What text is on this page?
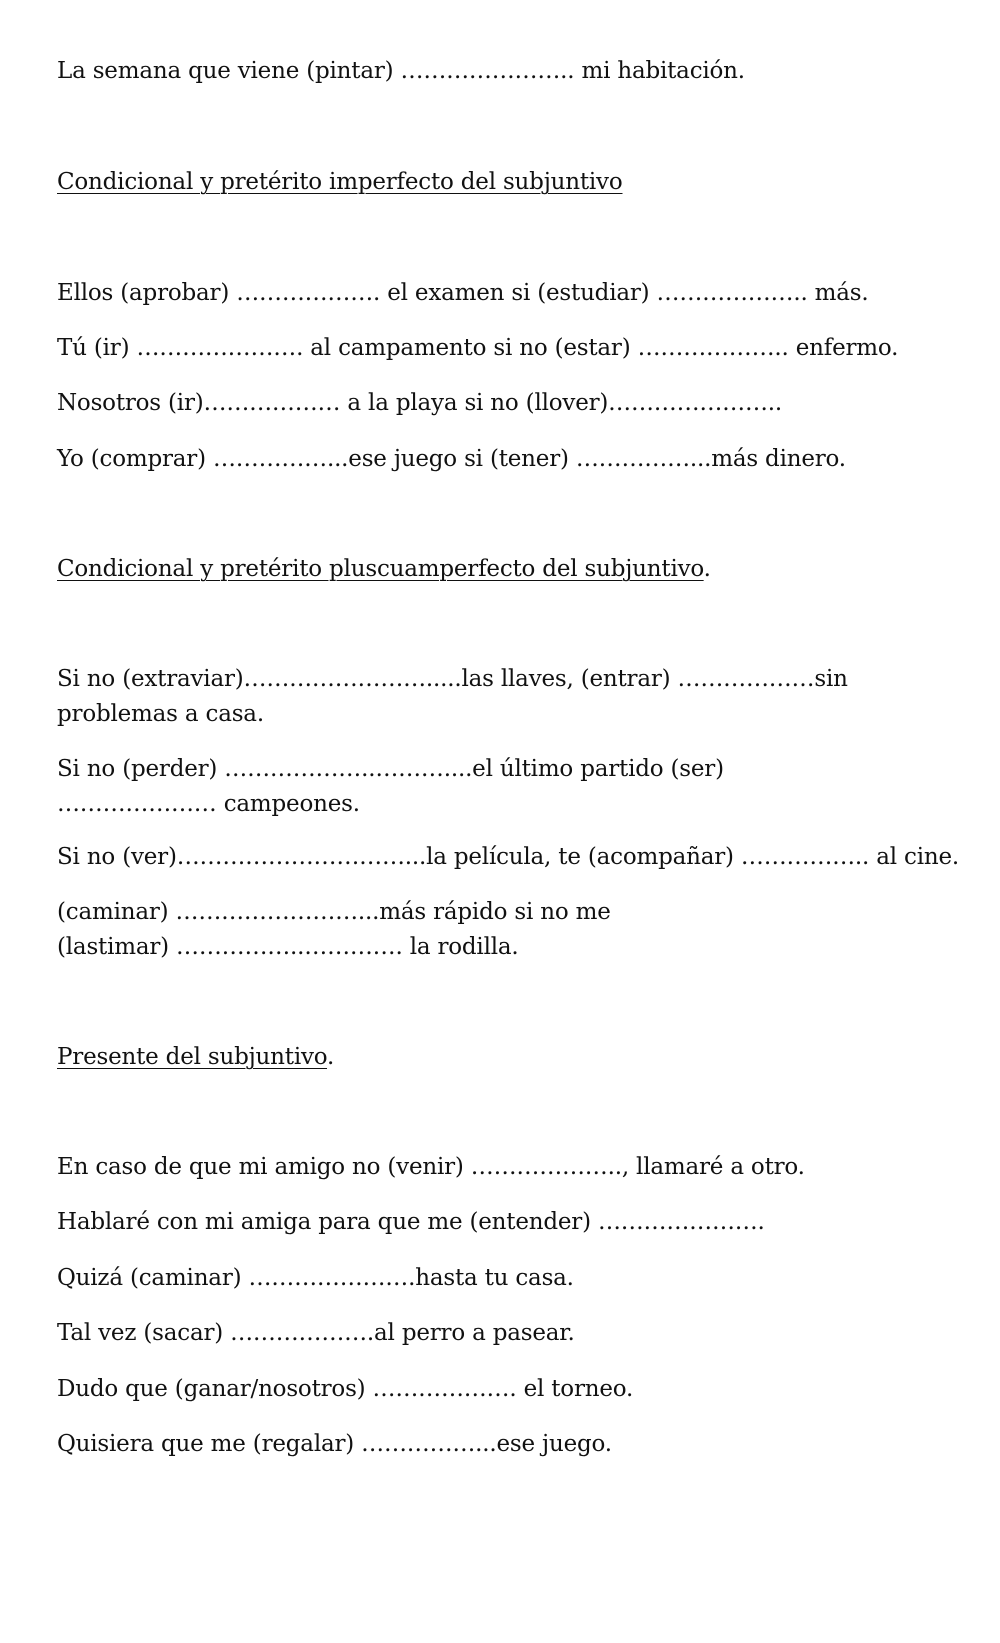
La semana que viene (pintar) ………………….. mi habitación.
Condicional y pretérito imperfecto del subjuntivo
Ellos (aprobar) ………………. el examen si (estudiar) ……………….. más.
Tú (ir) …………………. al campamento si no (estar) ……………….. enfermo.
Nosotros (ir)……………… a la playa si no (llover)…………………..
Yo (comprar) ……………...ese juego si (tener) ……………...más dinero.
Condicional y pretérito pluscuamperfecto del subjuntivo.
Si no (extraviar)…………………….....las llaves, (entrar) ………………sin problemas a casa.
Si no (perder) ………………..………....el último partido (ser) ………………… campeones.
Si no (ver)…………………………...la película, te (acompañar) …………….. al cine.
(caminar) ……………………...más rápido si no me (lastimar) ……………..…………. la rodilla.
Presente del subjuntivo.
En caso de que mi amigo no (venir) ……………….., llamaré a otro.
Hablaré con mi amiga para que me (entender) ………………….
Quizá (caminar) ………………….hasta tu casa.
Tal vez (sacar) ……………….al perro a pasear.
Dudo que (ganar/nosotros) ………………. el torneo.
Quisiera que me (regalar) ……………...ese juego.
